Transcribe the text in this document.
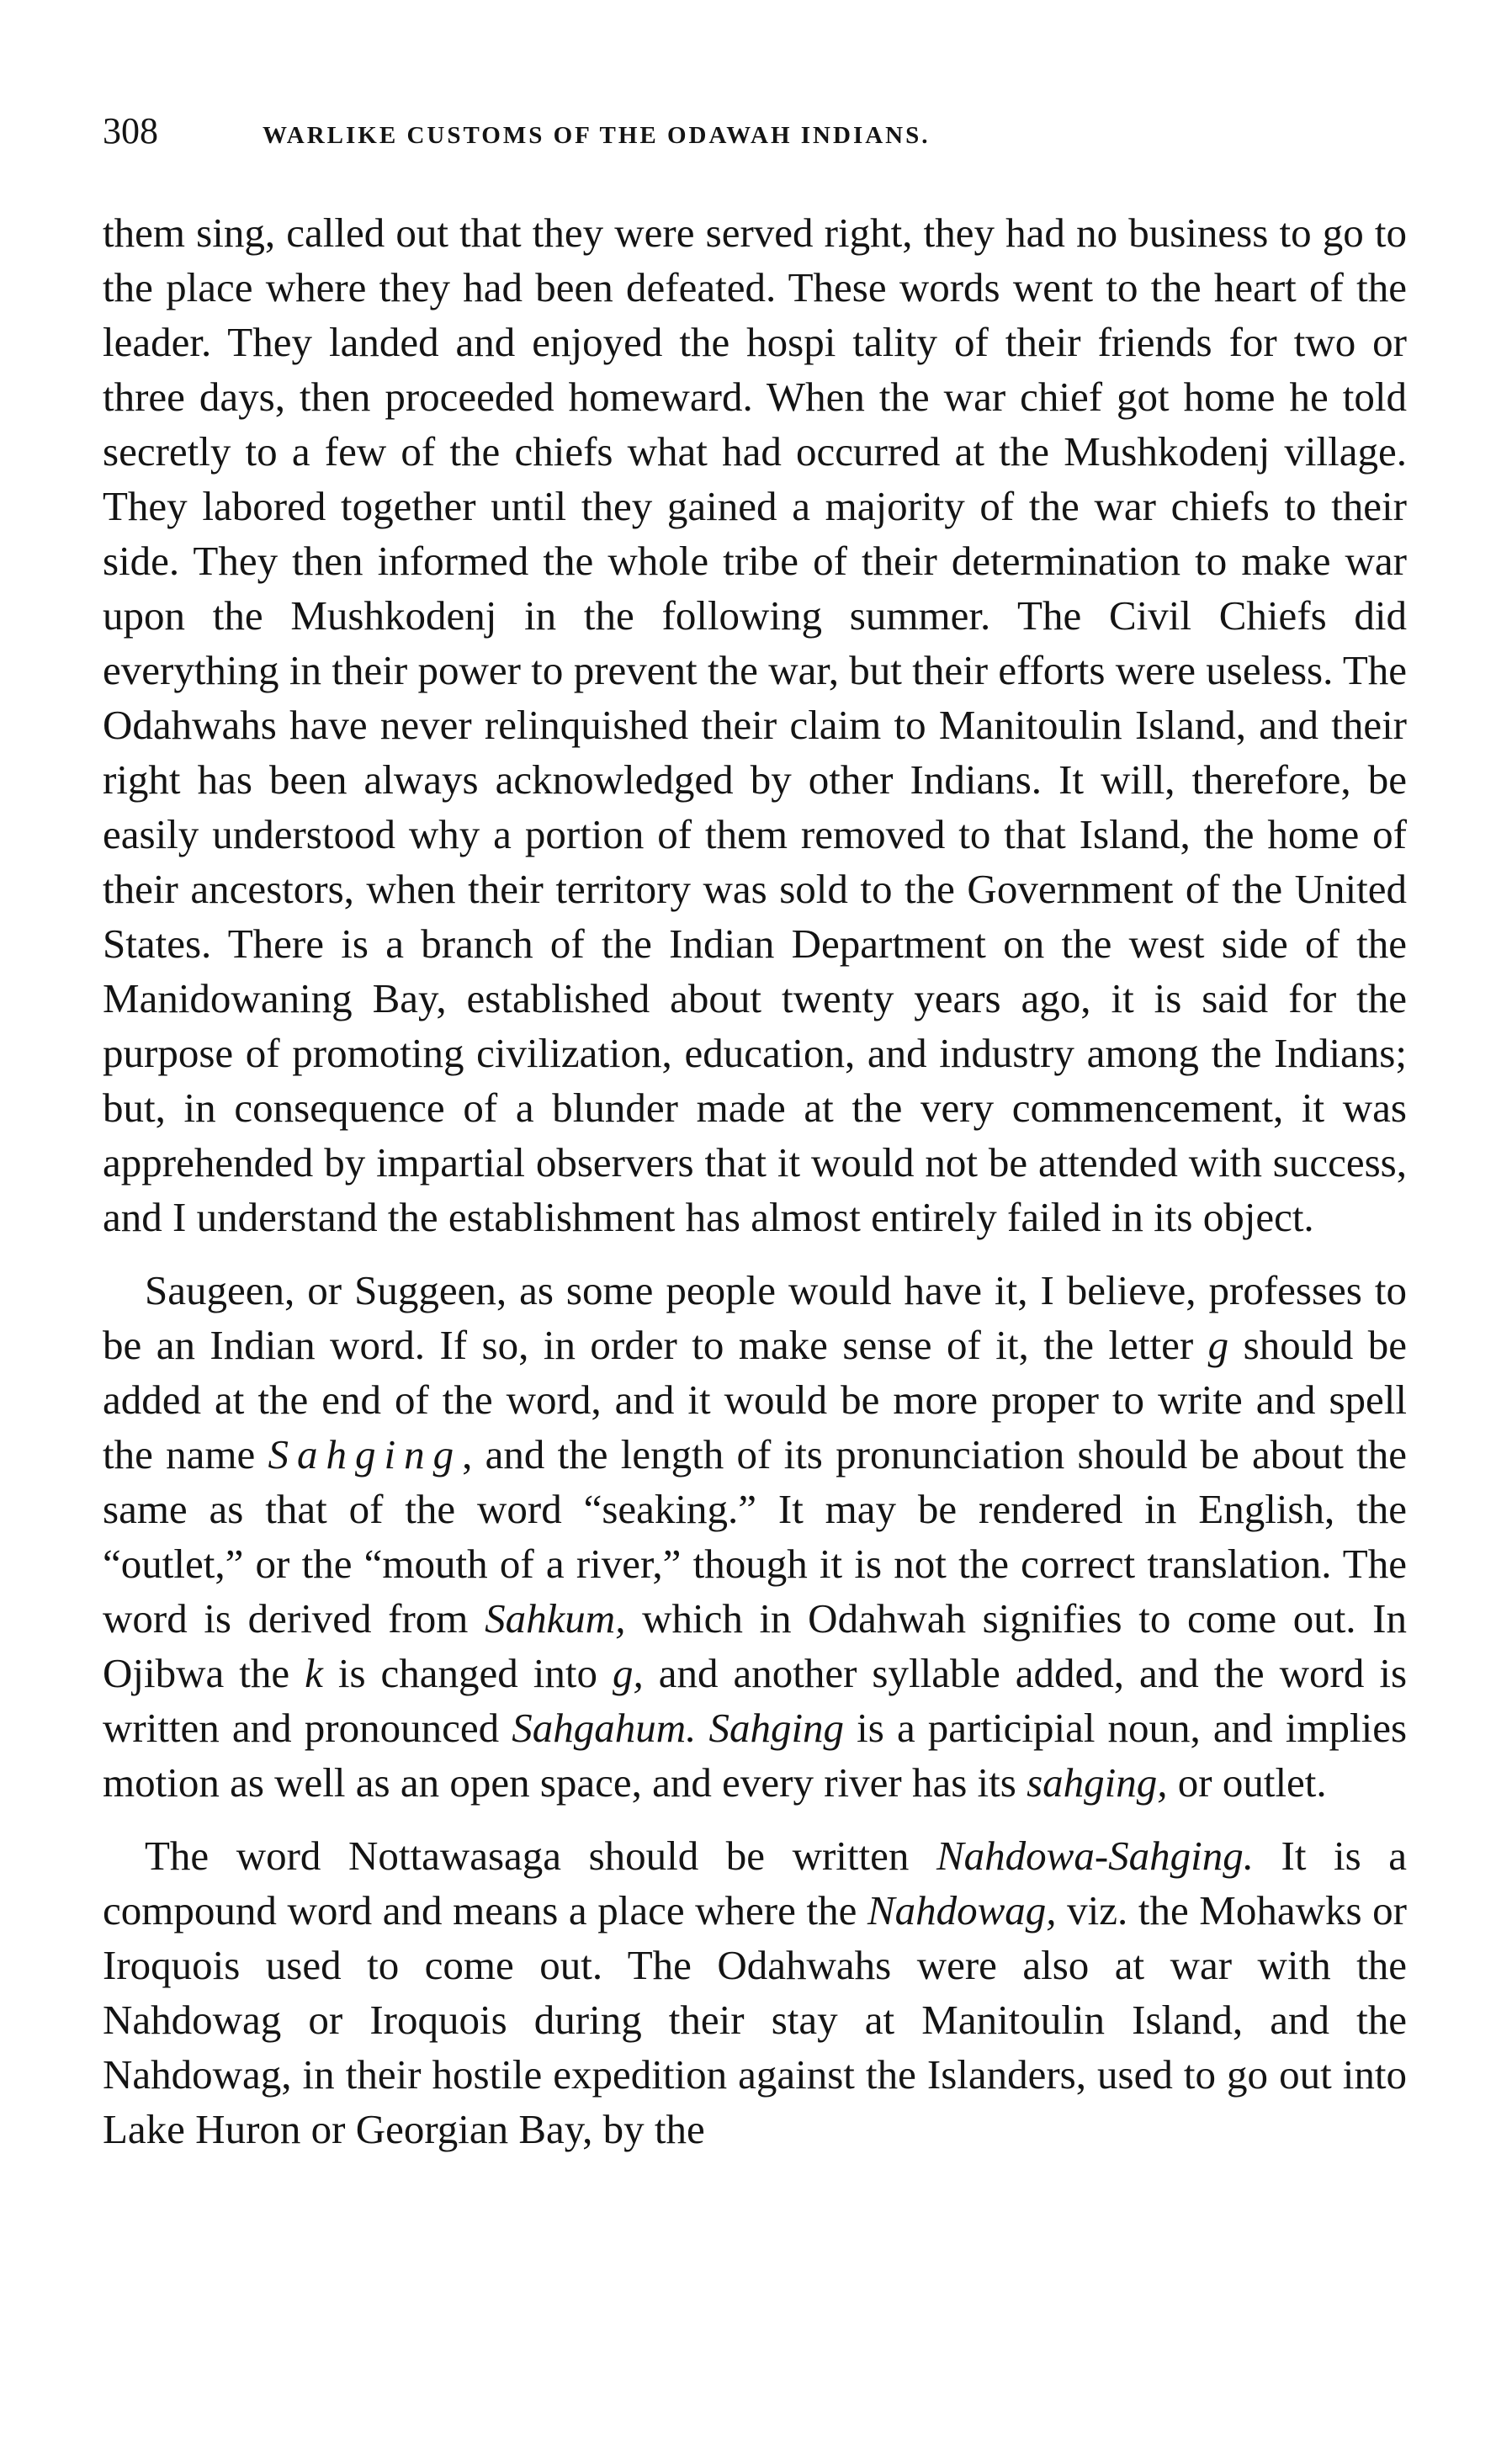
308	WARLIKE CUSTOMS OF THE ODAWAH INDIANS.

them sing, called out that they were served right, they had no business to go to the place where they had been defeated. These words went to the heart of the leader. They landed and enjoyed the hospi tality of their friends for two or three days, then proceeded homeward. When the war chief got home he told secretly to a few of the chiefs what had occurred at the Mushkodenj village. They labored together until they gained a majority of the war chiefs to their side. They then informed the whole tribe of their determination to make war upon the Mushkodenj in the following summer. The Civil Chiefs did everything in their power to prevent the war, but their efforts were useless. The Odahwahs have never relinquished their claim to Manitoulin Island, and their right has been always acknowledged by other Indians. It will, therefore, be easily understood why a portion of them removed to that Island, the home of their ancestors, when their territory was sold to the Government of the United States. There is a branch of the Indian Department on the west side of the Manidowaning Bay, established about twenty years ago, it is said for the purpose of promoting civilization, education, and industry among the Indians; but, in consequence of a blunder made at the very commencement, it was apprehended by impartial observers that it would not be attended with success, and I understand the establishment has almost entirely failed in its object.

Saugeen, or Suggeen, as some people would have it, I believe, professes to be an Indian word. If so, in order to make sense of it, the letter g should be added at the end of the word, and it would be more proper to write and spell the name Sahging, and the length of its pronunciation should be about the same as that of the word “seaking.” It may be rendered in English, the “outlet,” or the “mouth of a river,” though it is not the correct translation. The word is derived from Sahkum, which in Odahwah signifies to come out. In Ojibwa the k is changed into g, and another syllable added, and the word is written and pronounced Sahgahum. Sahging is a participial noun, and implies motion as well as an open space, and every river has its sahging, or outlet.

The word Nottawasaga should be written Nahdowa-Sahging. It is a compound word and means a place where the Nahdowag, viz. the Mohawks or Iroquois used to come out. The Odahwahs were also at war with the Nahdowag or Iroquois during their stay at Manitoulin Island, and the Nahdowag, in their hostile expedition against the Islanders, used to go out into Lake Huron or Georgian Bay, by the
